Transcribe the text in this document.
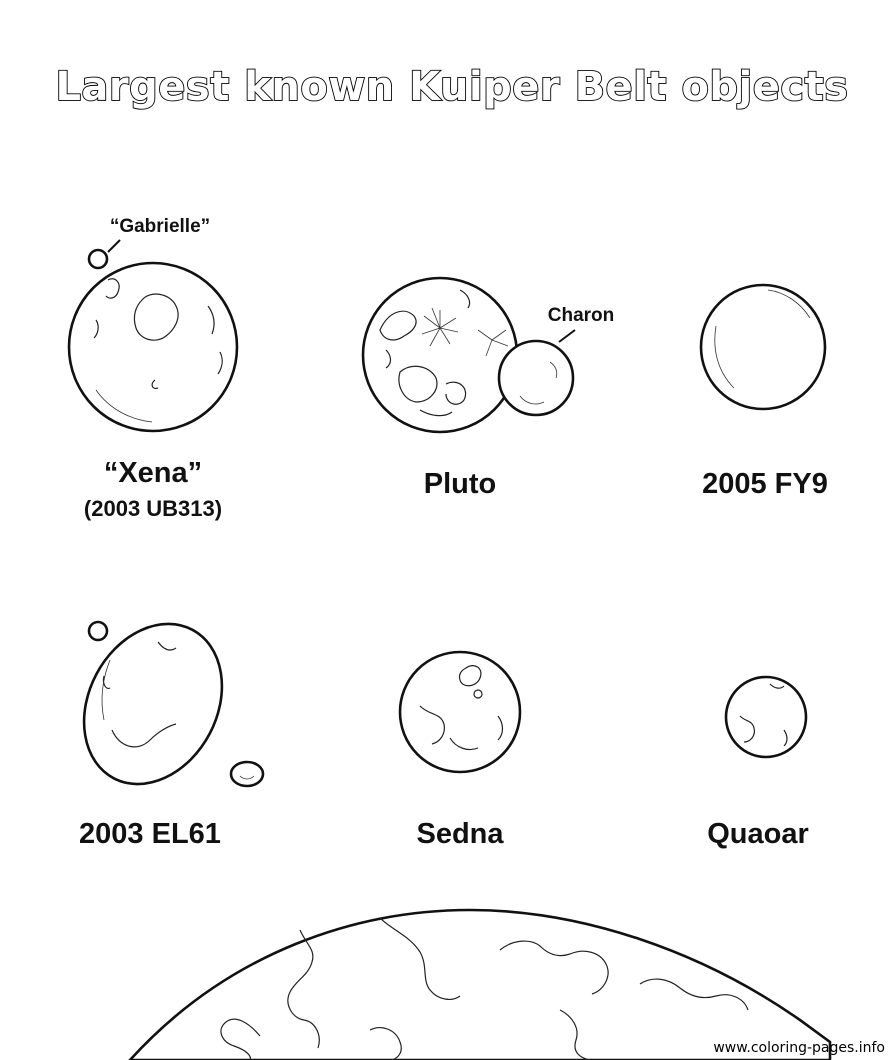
Largest known Kuiper Belt objects
“Gabrielle”
“Xena”
(2003 UB313)
Charon
Pluto	2005 FY9
2003 EL61	Sedna	Quaoar
www.coloring-pages.info
